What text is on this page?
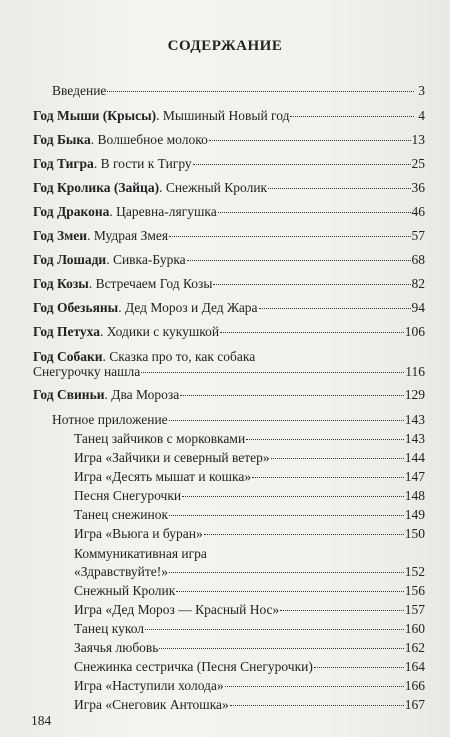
СОДЕРЖАНИЕ
Введение	3
Год Мыши (Крысы). Мышиный Новый год	4
Год Быка. Волшебное молоко	13
Год Тигра. В гости к Тигру	25
Год Кролика (Зайца). Снежный Кролик	36
Год Дракона. Царевна-лягушка	46
Год Змеи. Мудрая Змея	57
Год Лошади. Сивка-Бурка	68
Год Козы. Встречаем Год Козы	82
Год Обезьяны. Дед Мороз и Дед Жара	94
Год Петуха. Ходики с кукушкой	106
Год Собаки. Сказка про то, как собака
Снегурочку нашла	116
Год Свиньи. Два Мороза	129
Нотное приложение	143
Танец зайчиков с морковками	143
Игра «Зайчики и северный ветер»	144
Игра «Десять мышат и кошка»	147
Песня Снегурочки	148
Танец снежинок	149
Игра «Вьюга и буран»	150
Коммуникативная игра
«Здравствуйте!»	152
Снежный Кролик	156
Игра «Дед Мороз — Красный Нос»	157
Танец кукол	160
Заячья любовь	162
Снежинка сестричка (Песня Снегурочки)	164
Игра «Наступили холода»	166
Игра «Снеговик Антошка»	167
184
